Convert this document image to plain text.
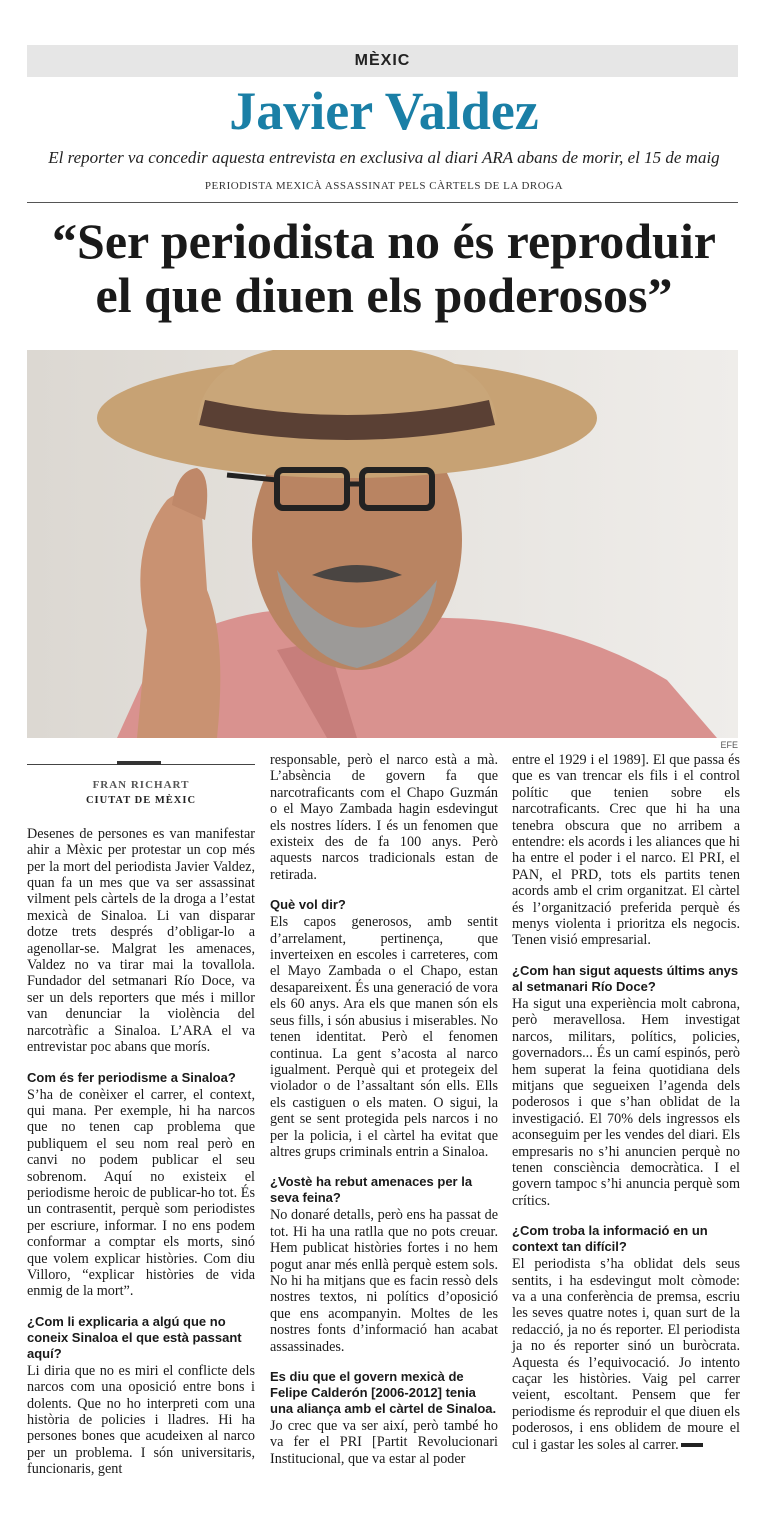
MÈXIC
Javier Valdez
El reporter va concedir aquesta entrevista en exclusiva al diari ARA abans de morir, el 15 de maig
PERIODISTA MEXICÀ ASSASSINAT PELS CÀRTELS DE LA DROGA
“Ser periodista no és reproduir
el que diuen els poderosos”
EFE
FRAN RICHART
CIUTAT DE MÈXIC

Desenes de persones es van manifestar ahir a Mèxic per protestar un cop més per la mort del periodista Javier Valdez, quan fa un mes que va ser assassinat vilment pels càrtels de la droga a l’estat mexicà de Sinaloa. Li van disparar dotze trets després d’obligar-lo a agenollar-se. Malgrat les amenaces, Valdez no va tirar mai la tovallola. Fundador del setmanari Río Doce, va ser un dels reporters que més i millor van denunciar la violència del narcotràfic a Sinaloa. L’ARA el va entrevistar poc abans que morís.

Com és fer periodisme a Sinaloa?

S’ha de conèixer el carrer, el context, qui mana. Per exemple, hi ha narcos que no tenen cap problema que publiquem el seu nom real però en canvi no podem publicar el seu sobrenom. Aquí no existeix el periodisme heroic de publicar-ho tot. És un contrasentit, perquè som periodistes per escriure, informar. I no ens podem conformar a comptar els morts, sinó que volem explicar històries. Com diu Villoro, “explicar històries de vida enmig de la mort”.

¿Com li explicaria a algú que no coneix Sinaloa el que està passant aquí?

Li diria que no es miri el conflicte dels narcos com una oposició entre bons i dolents. Que no ho interpreti com una història de policies i lladres. Hi ha persones bones que acudeixen al narco per un problema. I són universitaris, funcionaris, gent

responsable, però el narco està a mà. L’absència de govern fa que narcotraficants com el Chapo Guzmán o el Mayo Zambada hagin esdevingut els nostres líders. I és un fenomen que existeix des de fa 100 anys. Però aquests narcos tradicionals estan de retirada.

Què vol dir?

Els capos generosos, amb sentit d’arrelament, pertinença, que inverteixen en escoles i carreteres, com el Mayo Zambada o el Chapo, estan desapareixent. És una generació de vora els 60 anys. Ara els que manen són els seus fills, i són abusius i miserables. No tenen identitat. Però el fenomen continua. La gent s’acosta al narco igualment. Perquè qui et protegeix del violador o de l’assaltant són ells. Ells els castiguen o els maten. O sigui, la gent se sent protegida pels narcos i no per la policia, i el càrtel ha evitat que altres grups criminals entrin a Sinaloa.

¿Vostè ha rebut amenaces per la seva feina?

No donaré detalls, però ens ha passat de tot. Hi ha una ratlla que no pots creuar. Hem publicat històries fortes i no hem pogut anar més enllà perquè estem sols. No hi ha mitjans que es facin ressò dels nostres textos, ni polítics d’oposició que ens acompanyin. Moltes de les nostres fonts d’informació han acabat assassinades.

Es diu que el govern mexicà de Felipe Calderón [2006-2012] tenia una aliança amb el càrtel de Sinaloa.

Jo crec que va ser així, però també ho va fer el PRI [Partit Revolucionari Institucional, que va estar al poder

entre el 1929 i el 1989]. El que passa és que es van trencar els fils i el control polític que tenien sobre els narcotraficants. Crec que hi ha una tenebra obscura que no arribem a entendre: els acords i les aliances que hi ha entre el poder i el narco. El PRI, el PAN, el PRD, tots els partits tenen acords amb el crim organitzat. El càrtel és l’organització preferida perquè és menys violenta i prioritza els negocis. Tenen visió empresarial.

¿Com han sigut aquests últims anys al setmanari Río Doce?

Ha sigut una experiència molt cabrona, però meravellosa. Hem investigat narcos, militars, polítics, policies, governadors... És un camí espinós, però hem superat la feina quotidiana dels mitjans que segueixen l’agenda dels poderosos i que s’han oblidat de la investigació. El 70% dels ingressos els aconseguim per les vendes del diari. Els empresaris no s’hi anuncien perquè no tenen consciència democràtica. I el govern tampoc s’hi anuncia perquè som crítics.

¿Com troba la informació en un context tan difícil?

El periodista s’ha oblidat dels seus sentits, i ha esdevingut molt còmode: va a una conferència de premsa, escriu les seves quatre notes i, quan surt de la redacció, ja no és reporter. El periodista ja no és reporter sinó un buròcrata. Aquesta és l’equivocació. Jo intento caçar les històries. Vaig pel carrer veient, escoltant. Pensem que fer periodisme és reproduir el que diuen els poderosos, i ens oblidem de moure el cul i gastar les soles al carrer.
